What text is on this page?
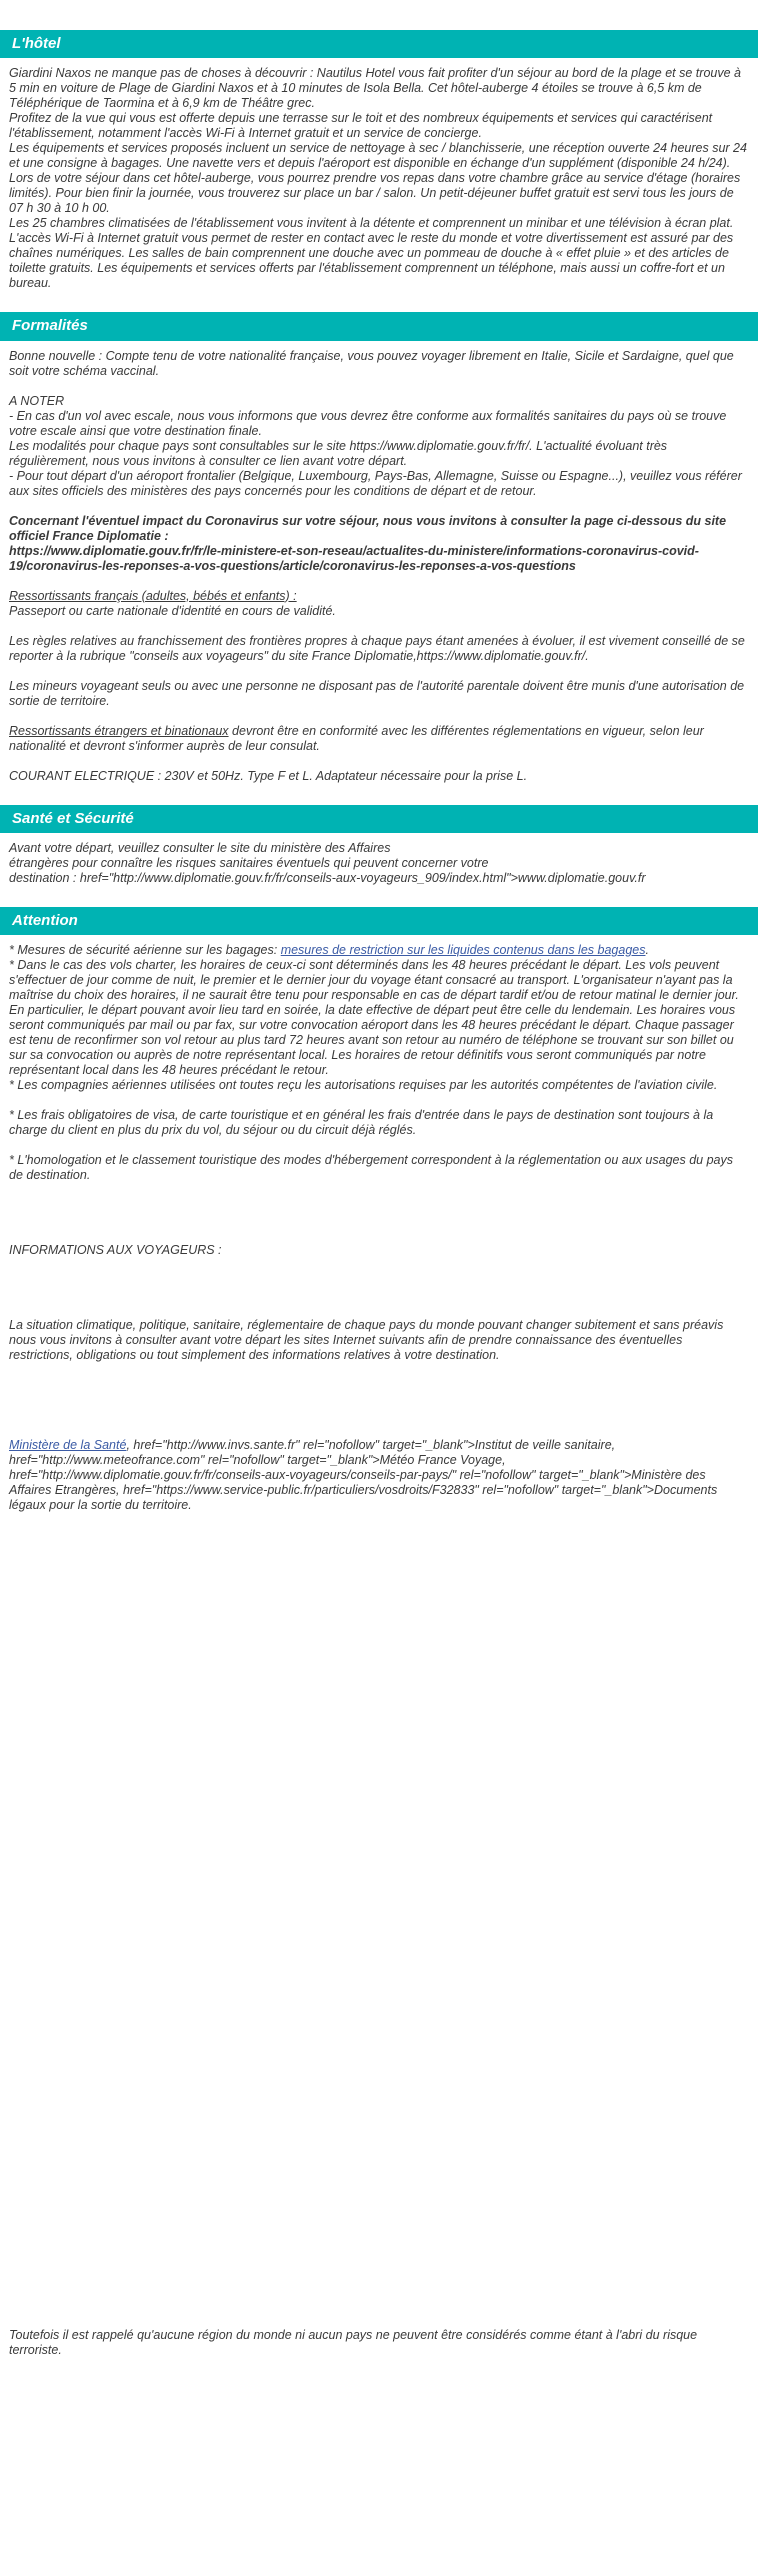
L'hôtel

Giardini Naxos ne manque pas de choses à découvrir : Nautilus Hotel vous fait profiter d'un séjour au bord de la plage et se trouve à 5 min en voiture de Plage de Giardini Naxos et à 10 minutes de Isola Bella. Cet hôtel-auberge 4 étoiles se trouve à 6,5 km de Téléphérique de Taormina et à 6,9 km de Théâtre grec.

Profitez de la vue qui vous est offerte depuis une terrasse sur le toit et des nombreux équipements et services qui caractérisent l'établissement, notamment l'accès Wi-Fi à Internet gratuit et un service de concierge.

Les équipements et services proposés incluent un service de nettoyage à sec / blanchisserie, une réception ouverte 24 heures sur 24 et une consigne à bagages. Une navette vers et depuis l'aéroport est disponible en échange d'un supplément (disponible 24 h/24).

Lors de votre séjour dans cet hôtel-auberge, vous pourrez prendre vos repas dans votre chambre grâce au service d'étage (horaires limités). Pour bien finir la journée, vous trouverez sur place un bar / salon. Un petit-déjeuner buffet gratuit est servi tous les jours de 07 h 30 à 10 h 00.

Les 25 chambres climatisées de l'établissement vous invitent à la détente et comprennent un minibar et une télévision à écran plat. L'accès Wi-Fi à Internet gratuit vous permet de rester en contact avec le reste du monde et votre divertissement est assuré par des chaînes numériques. Les salles de bain comprennent une douche avec un pommeau de douche à « effet pluie » et des articles de toilette gratuits. Les équipements et services offerts par l'établissement comprennent un téléphone, mais aussi un coffre-fort et un bureau.

Formalités

Bonne nouvelle : Compte tenu de votre nationalité française, vous pouvez voyager librement en Italie, Sicile et Sardaigne, quel que soit votre schéma vaccinal.

A NOTER

- En cas d'un vol avec escale, nous vous informons que vous devrez être conforme aux formalités sanitaires du pays où se trouve votre escale ainsi que votre destination finale.

Les modalités pour chaque pays sont consultables sur le site https://www.diplomatie.gouv.fr/fr/. L'actualité évoluant très régulièrement, nous vous invitons à consulter ce lien avant votre départ.

- Pour tout départ d'un aéroport frontalier (Belgique, Luxembourg, Pays-Bas, Allemagne, Suisse ou Espagne...), veuillez vous référer aux sites officiels des ministères des pays concernés pour les conditions de départ et de retour.

Concernant l'éventuel impact du Coronavirus sur votre séjour, nous vous invitons à consulter la page ci-dessous du site officiel France Diplomatie :

https://www.diplomatie.gouv.fr/fr/le-ministere-et-son-reseau/actualites-du-ministere/informations-coronavirus-covid-19/coronavirus-les-reponses-a-vos-questions/article/coronavirus-les-reponses-a-vos-questions

Ressortissants français (adultes, bébés et enfants) :

Passeport ou carte nationale d'identité en cours de validité.

Les règles relatives au franchissement des frontières propres à chaque pays étant amenées à évoluer, il est vivement conseillé de se reporter à la rubrique "conseils aux voyageurs" du site France Diplomatie,https://www.diplomatie.gouv.fr/.

Les mineurs voyageant seuls ou avec une personne ne disposant pas de l'autorité parentale doivent être munis d'une autorisation de sortie de territoire.

Ressortissants étrangers et binationaux devront être en conformité avec les différentes réglementations en vigueur, selon leur nationalité et devront s'informer auprès de leur consulat.

COURANT ELECTRIQUE : 230V et 50Hz. Type F et L. Adaptateur nécessaire pour la prise L.

Santé et Sécurité

Avant votre départ, veuillez consulter le site du ministère des Affaires

étrangères pour connaître les risques sanitaires éventuels qui peuvent concerner votre

destination : href="http://www.diplomatie.gouv.fr/fr/conseils-aux-voyageurs_909/index.html">www.diplomatie.gouv.fr

Attention

* Mesures de sécurité aérienne sur les bagages: mesures de restriction sur les liquides contenus dans les bagages.

* Dans le cas des vols charter, les horaires de ceux-ci sont déterminés dans les 48 heures précédant le départ. Les vols peuvent s'effectuer de jour comme de nuit, le premier et le dernier jour du voyage étant consacré au transport. L'organisateur n'ayant pas la maîtrise du choix des horaires, il ne saurait être tenu pour responsable en cas de départ tardif et/ou de retour matinal le dernier jour. En particulier, le départ pouvant avoir lieu tard en soirée, la date effective de départ peut être celle du lendemain. Les horaires vous seront communiqués par mail ou par fax, sur votre convocation aéroport dans les 48 heures précédant le départ. Chaque passager est tenu de reconfirmer son vol retour au plus tard 72 heures avant son retour au numéro de téléphone se trouvant sur son billet ou sur sa convocation ou auprès de notre représentant local. Les horaires de retour définitifs vous seront communiqués par notre représentant local dans les 48 heures précédant le retour.

* Les compagnies aériennes utilisées ont toutes reçu les autorisations requises par les autorités compétentes de l'aviation civile.

* Les frais obligatoires de visa, de carte touristique et en général les frais d'entrée dans le pays de destination sont toujours à la charge du client en plus du prix du vol, du séjour ou du circuit déjà réglés.

* L'homologation et le classement touristique des modes d'hébergement correspondent à la réglementation ou aux usages du pays de destination.

INFORMATIONS AUX VOYAGEURS :

La situation climatique, politique, sanitaire, réglementaire de chaque pays du monde pouvant changer subitement et sans préavis

nous vous invitons à consulter avant votre départ les sites Internet suivants afin de prendre connaissance des éventuelles restrictions, obligations ou tout simplement des informations relatives à votre destination.

Ministère de la Santé, href="http://www.invs.sante.fr" rel="nofollow" target="_blank">Institut de veille sanitaire, href="http://www.meteofrance.com" rel="nofollow" target="_blank">Météo France Voyage, href="http://www.diplomatie.gouv.fr/fr/conseils-aux-voyageurs/conseils-par-pays/" rel="nofollow" target="_blank">Ministère des Affaires Etrangères, href="https://www.service-public.fr/particuliers/vosdroits/F32833" rel="nofollow" target="_blank">Documents légaux pour la sortie du territoire.

Toutefois il est rappelé qu'aucune région du monde ni aucun pays ne peuvent être considérés comme étant à l'abri du risque terroriste.
